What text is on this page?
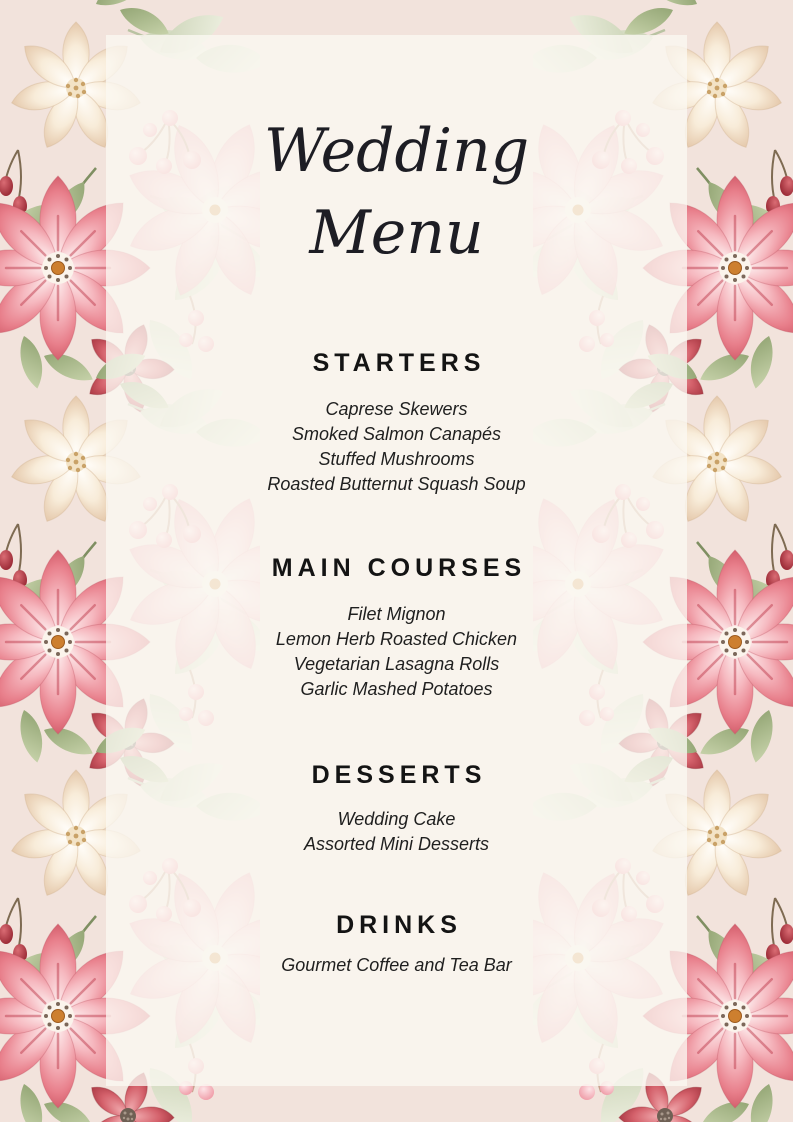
Wedding
Menu
STARTERS
Caprese Skewers
Smoked Salmon Canapés
Stuffed Mushrooms
Roasted Butternut Squash Soup
MAIN COURSES
Filet Mignon
Lemon Herb Roasted Chicken
Vegetarian Lasagna Rolls
Garlic Mashed Potatoes
DESSERTS
Wedding Cake
Assorted Mini Desserts
DRINKS
Gourmet Coffee and Tea Bar
